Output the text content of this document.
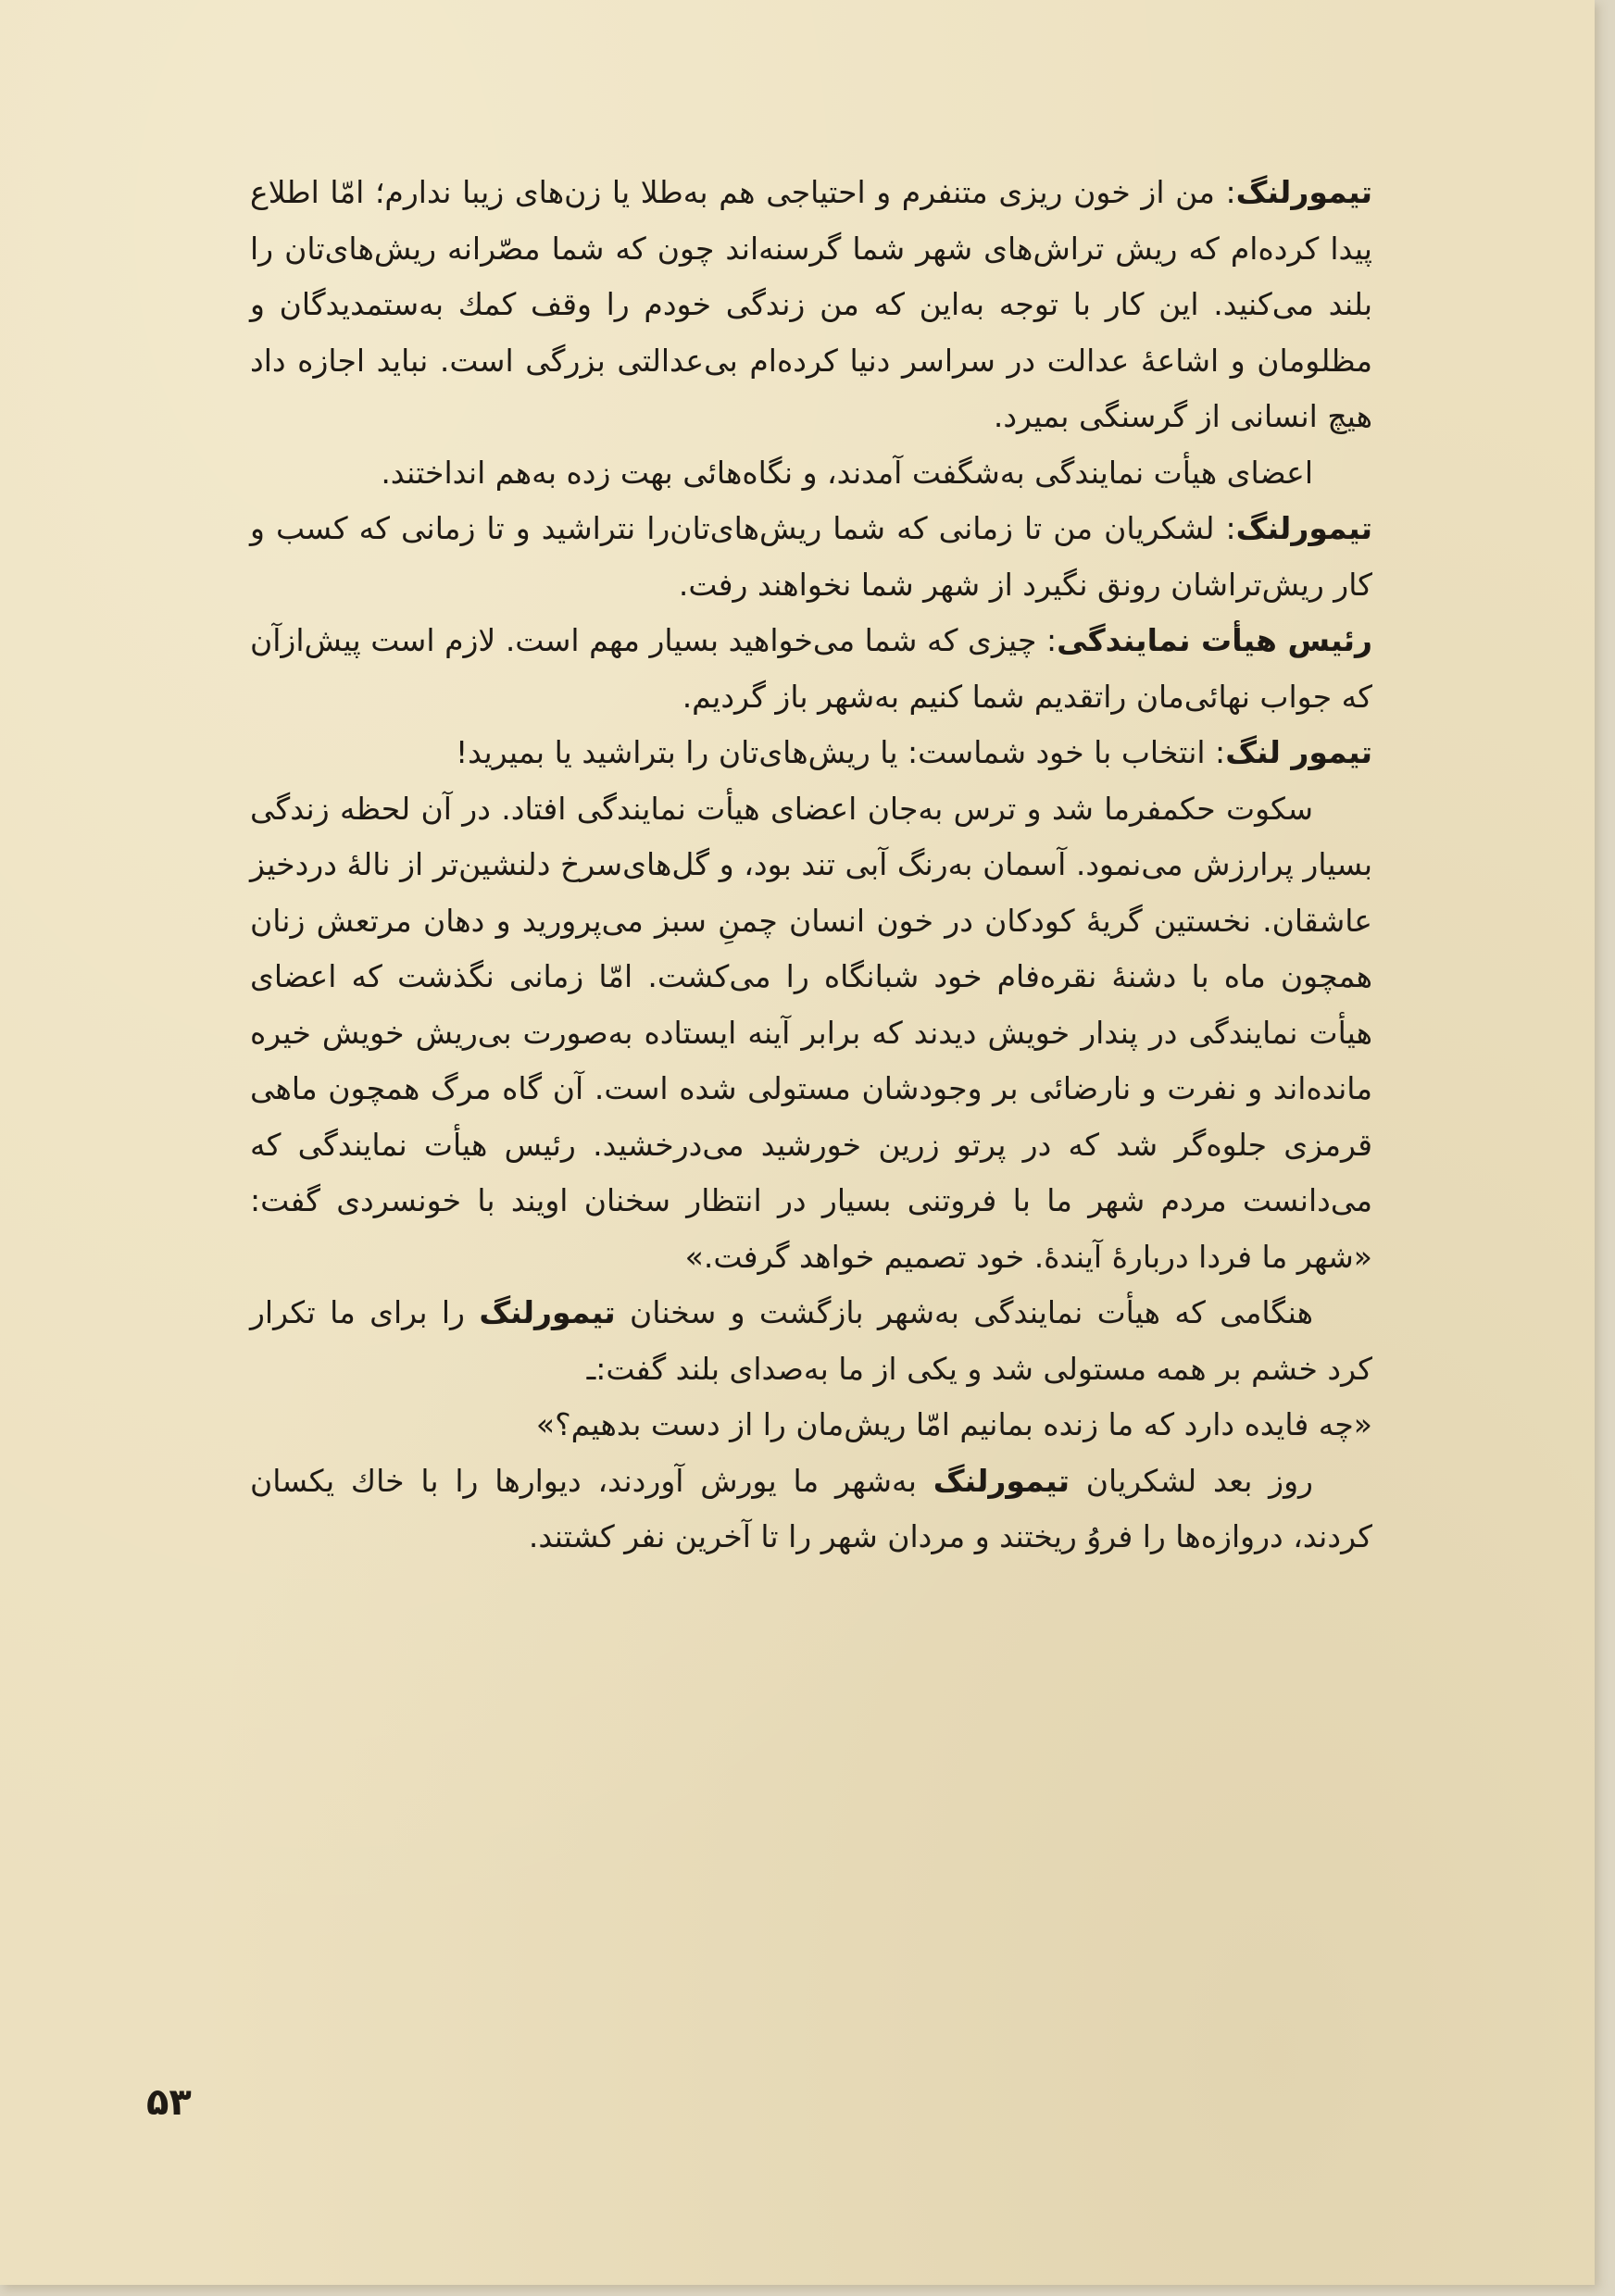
تیمورلنگ: من از خون ریزی متنفرم و احتیاجی هم به‌طلا یا زن‌های زیبا ندارم؛ امّا اطلاع پیدا کرده‌ام که ریش تراش‌های شهر شما گرسنه‌اند چون که شما مصّرانه ریش‌های‌تان را بلند می‌کنید. این کار با توجه به‌این که من زندگی خودم را وقف کمك به‌ستمدیدگان و مظلومان و اشاعهٔ عدالت در سراسر دنیا کرده‌ام بی‌عدالتی بزرگی است. نباید اجازه داد هیچ انسانی از گرسنگی بمیرد.

اعضای هیأت نمایندگی به‌شگفت آمدند، و نگاه‌هائی بهت زده به‌هم انداختند.

تیمورلنگ: لشکریان من تا زمانی که شما ریش‌های‌تان‌را نتراشید و تا زمانی که کسب و کار ریش‌تراشان رونق نگیرد از شهر شما نخواهند رفت.

رئیس هیأت نمایندگی: چیزی که شما می‌خواهید بسیار مهم است. لازم است پیش‌ازآن که جواب نهائی‌مان راتقدیم شما کنیم به‌شهر باز گردیم.

تیمور لنگ: انتخاب با خود شماست: یا ریش‌های‌تان را بتراشید یا بمیرید!

سکوت حکمفرما شد و ترس به‌جان اعضای هیأت نمایندگی افتاد. در آن لحظه زندگی بسیار پرارزش می‌نمود. آسمان به‌رنگ آبی تند بود، و گل‌های‌سرخ دلنشین‌تر از نالهٔ دردخیز عاشقان. نخستین گریهٔ کودکان در خون انسان چمنِ سبز می‌پرورید و دهان مرتعش زنان همچون ماه با دشنهٔ نقره‌فام خود شبانگاه را می‌کشت. امّا زمانی نگذشت که اعضای هیأت نمایندگی در پندار خویش دیدند که برابر آینه ایستاده به‌صورت بی‌ریش خویش خیره مانده‌اند و نفرت و نارضائی بر وجودشان مستولی شده است. آن گاه مرگ همچون ماهی قرمزی جلوه‌گر شد که در پرتو زرین خورشید می‌درخشید. رئیس هیأت نمایندگی که می‌دانست مردم شهر ما با فروتنی بسیار در انتظار سخنان اویند با خونسردی گفت: «شهر ما فردا دربارهٔ آیندهٔ. خود تصمیم خواهد گرفت.»

هنگامی که هیأت نمایندگی به‌شهر بازگشت و سخنان تیمورلنگ را برای ما تکرار کرد خشم بر همه مستولی شد و یکی از ما به‌صدای بلند گفت:ـ

«چه فایده دارد که ما زنده بمانیم امّا ریش‌مان را از دست بدهیم؟»

روز بعد لشکریان تیمورلنگ به‌شهر ما یورش آوردند، دیوارها را با خاك یکسان کردند، دروازه‌ها را فروُ ریختند و مردان شهر را تا آخرین نفر کشتند.

۵۳
